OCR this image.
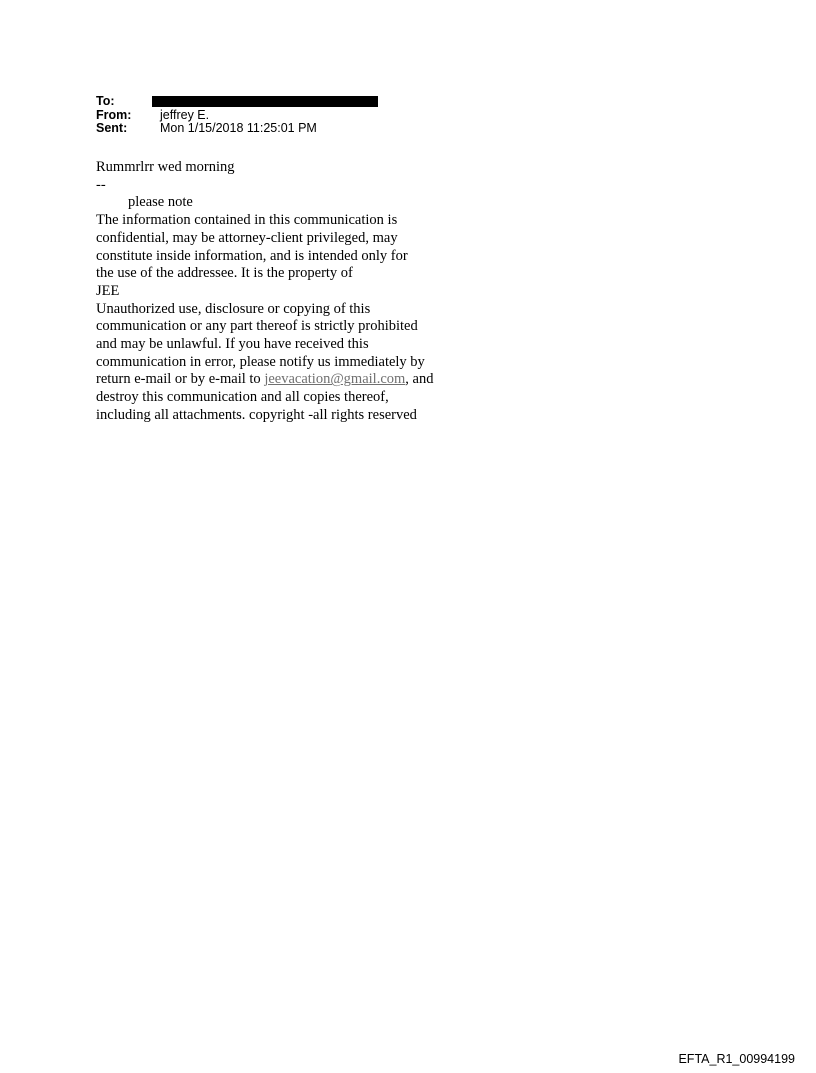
To:
From:	jeffrey E.
Sent:	Mon 1/15/2018 11:25:01 PM
Rummrlrr wed morning
--
please note
The information contained in this communication is
confidential, may be attorney-client privileged, may
constitute inside information, and is intended only for
the use of the addressee. It is the property of
JEE
Unauthorized use, disclosure or copying of this
communication or any part thereof is strictly prohibited
and may be unlawful. If you have received this
communication in error, please notify us immediately by
return e-mail or by e-mail to jeevacation@gmail.com, and
destroy this communication and all copies thereof,
including all attachments. copyright -all rights reserved
EFTA_R1_00994199
